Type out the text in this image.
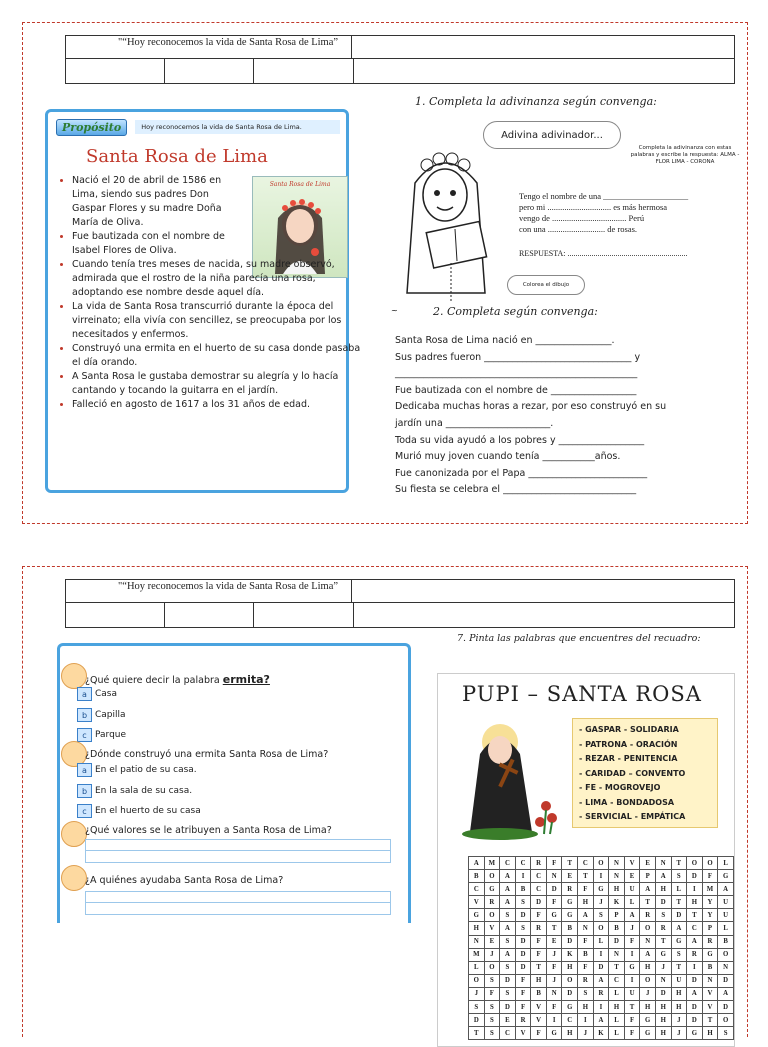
"“Hoy reconocemos la vida de Santa Rosa de Lima”
Propósito	Hoy reconocemos la vida de Santa Rosa de Lima.
Santa Rosa de Lima
Santa Rosa de Lima
• Nació el 20 de abril de 1586 en Lima, siendo sus padres Don Gaspar Flores y su madre Doña María de Oliva.
• Fue bautizada con el nombre de Isabel Flores de Oliva.
• Cuando tenía tres meses de nacida, su madre observó, admirada que el rostro de la niña parecía una rosa, adoptando ese nombre desde aquel día.
• La vida de Santa Rosa transcurrió durante la época del virreinato; ella vivía con sencillez, se preocupaba por los necesitados y enfermos.
• Construyó una ermita en el huerto de su casa donde pasaba el día orando.
• A Santa Rosa le gustaba demostrar su alegría y lo hacía cantando y tocando la guitarra en el jardín.
• Falleció en agosto de 1617 a los 31 años de edad.
1. Completa la adivinanza según convenga:
Adivina adivinador...
Completa la adivinanza con estas palabras y escribe la respuesta: ALMA - FLOR LIMA - CORONA
~
Tengo el nombre de una ____________________
pero mi .............................. es más hermosa
vengo de ................................... Perú
con una ........................... de rosas.
RESPUESTA: ............................................................
Colorea el dibujo
2. Completa según convenga:
Santa Rosa de Lima nació en ________________.
Sus padres fueron _______________________________ y
___________________________________________________
Fue bautizada con el nombre de __________________
Dedicaba muchas horas a rezar, por eso construyó en su
jardín una ______________________.
Toda su vida ayudó a los pobres y __________________
Murió muy joven cuando tenía ___________años.
Fue canonizada por el Papa _________________________
Su fiesta se celebra el ____________________________
"“Hoy reconocemos la vida de Santa Rosa de Lima”
¿Qué quiere decir la palabra ermita?
a Casa
b Capilla
c Parque
¿Dónde construyó una ermita Santa Rosa de Lima?
a En el patio de su casa.
b En la sala de su casa.
c En el huerto de su casa
¿Qué valores se le atribuyen a Santa Rosa de Lima?
¿A quiénes ayudaba Santa Rosa de Lima?
7. Pinta las palabras que encuentres del recuadro:
PUPI – SANTA ROSA
- GASPAR - SOLIDARIA
- PATRONA - ORACIÓN
- REZAR - PENITENCIA
- CARIDAD – CONVENTO
- FE - MOGROVEJO
- LIMA - BONDADOSA
- SERVICIAL - EMPÁTICA
A	M	C	C	R	F	T	C	O	N	V	E	N	T	O	O	L
B	O	A	I	C	N	E	T	I	N	E	P	A	S	D	F	G
C	G	A	B	C	D	R	F	G	H	U	A	H	L	I	M	A
V	R	A	S	D	F	G	H	J	K	L	T	D	T	H	Y	U
G	O	S	D	F	G	G	A	S	P	A	R	S	D	T	Y	U
H	V	A	S	R	T	B	N	O	B	J	O	R	A	C	P	L
N	E	S	D	F	E	D	F	L	D	F	N	T	G	A	R	B
M	J	A	D	F	J	K	B	I	N	I	A	G	S	R	G	O
L	O	S	D	T	F	H	F	D	T	G	H	J	T	I	B	N
O	S	D	F	H	J	O	R	A	C	I	O	N	U	D	N	D
J	F	S	F	B	N	D	S	R	L	U	J	D	H	A	V	A
S	S	D	F	V	F	G	H	I	H	T	H	H	H	D	V	D
D	S	E	R	V	I	C	I	A	L	F	G	H	J	D	T	O
T	S	C	V	F	G	H	J	K	L	F	G	H	J	G	H	S
